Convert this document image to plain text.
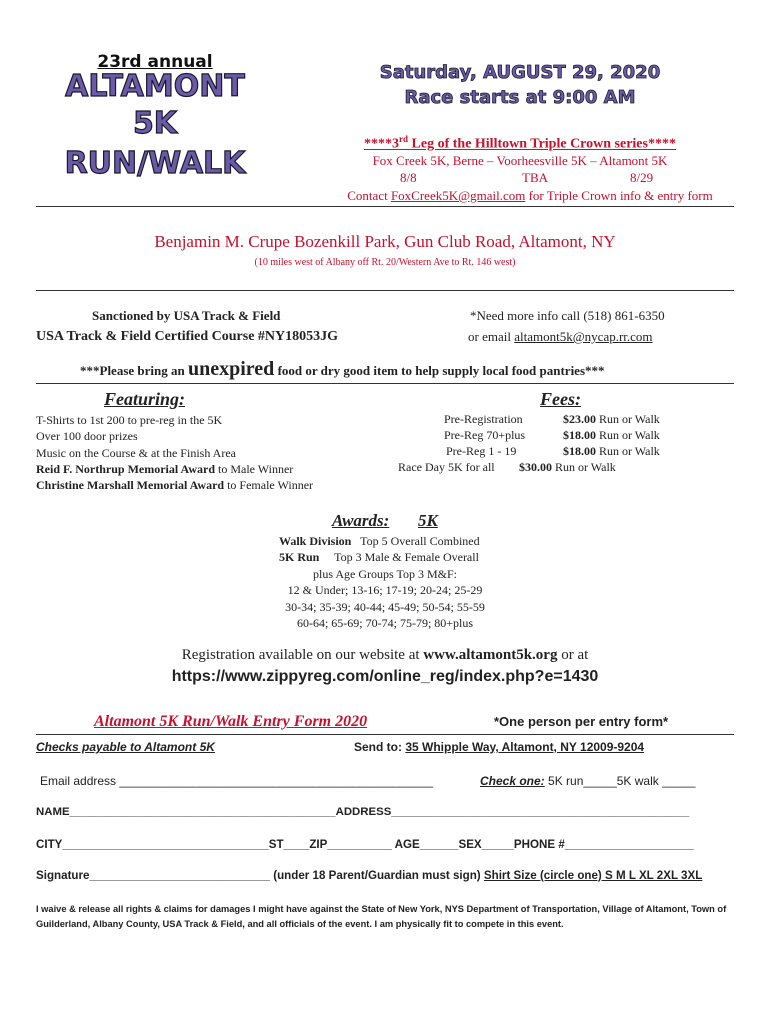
23rd annual
ALTAMONT
5K
RUN/WALK
Saturday, AUGUST 29, 2020
Race starts at 9:00 AM
****3rd Leg of the Hilltown Triple Crown series****
Fox Creek 5K, Berne – Voorheesville 5K – Altamont 5K
8/8	TBA	8/29
Contact FoxCreek5K@gmail.com for Triple Crown info & entry form
Benjamin M. Crupe Bozenkill Park, Gun Club Road, Altamont, NY
(10 miles west of Albany off Rt. 20/Western Ave to Rt. 146 west)
Sanctioned by USA Track & Field
USA Track & Field Certified Course #NY18053JG
*Need more info call (518) 861-6350
or email altamont5k@nycap.rr.com
***Please bring an unexpired food or dry good item to help supply local food pantries***
Featuring:
T-Shirts to 1st 200 to pre-reg in the 5K
Over 100 door prizes
Music on the Course & at the Finish Area
Reid F. Northrup Memorial Award to Male Winner
Christine Marshall Memorial Award to Female Winner
Fees:
Pre-Registration	$23.00 Run or Walk
Pre-Reg 70+plus	$18.00 Run or Walk
Pre-Reg 1 - 19	$18.00 Run or Walk
Race Day 5K for all $30.00 Run or Walk
Awards: 5K
Walk Division   Top 5 Overall Combined
5K Run     Top 3 Male & Female Overall
plus Age Groups Top 3 M&F:
12 & Under; 13-16; 17-19; 20-24; 25-29
30-34; 35-39; 40-44; 45-49; 50-54; 55-59
60-64; 65-69; 70-74; 75-79; 80+plus
Registration available on our website at www.altamont5k.org or at
https://www.zippyreg.com/online_reg/index.php?e=1430
Altamont 5K Run/Walk Entry Form 2020	*One person per entry form*
Checks payable to Altamont 5K	Send to: 35 Whipple Way, Altamont, NY 12009-9204
Email address _______________________________________________	Check one: 5K run_____5K walk _____
NAME__________________________________________ADDRESS_______________________________________________
CITY________________________________ST____ZIP__________ AGE______SEX_____PHONE #____________________
Signature____________________________ (under 18 Parent/Guardian must sign) Shirt Size (circle one) S M L XL 2XL 3XL
I waive & release all rights & claims for damages I might have against the State of New York, NYS Department of Transportation, Village of Altamont, Town of Guilderland, Albany County, USA Track & Field, and all officials of the event. I am physically fit to compete in this event.
